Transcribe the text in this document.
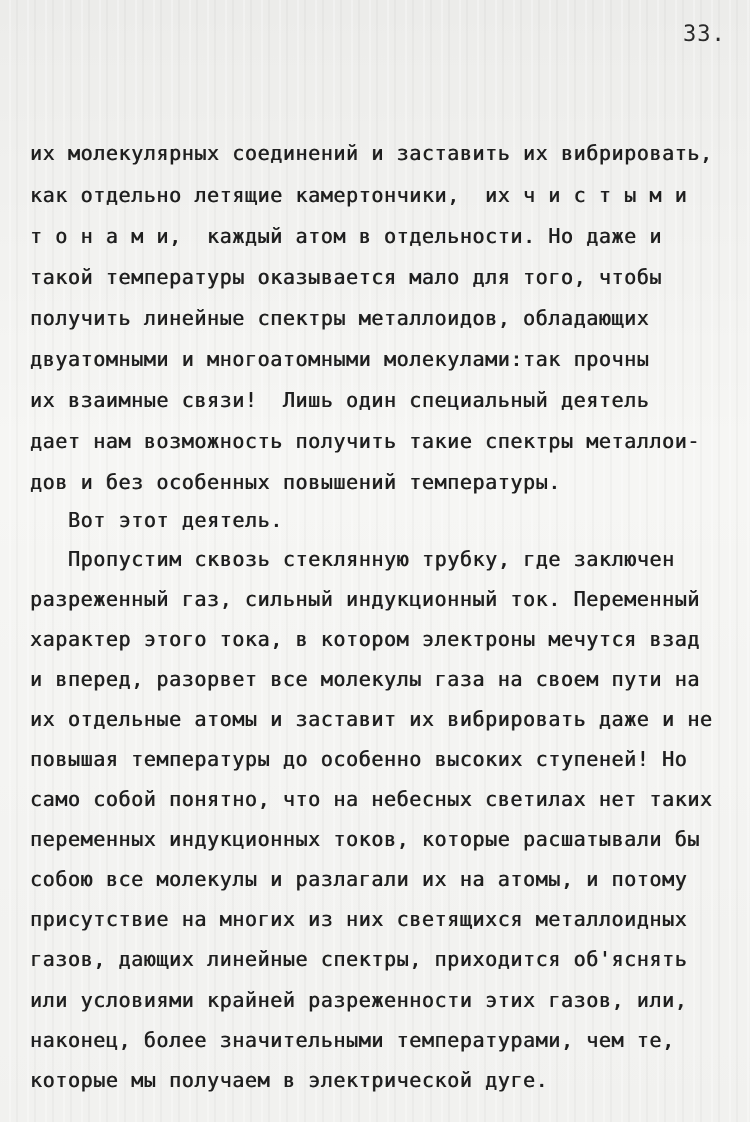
33.
их молекулярных соединений и заставить их вибрировать,
как отдельно летящие камертончики,  их ч и с т ы м и
т о н а м и,  каждый атом в отдельности. Но даже и
такой температуры оказывается мало для того, чтобы
получить линейные спектры металлоидов, обладающих
двуатомными и многоатомными молекулами:так прочны
их взаимные связи!  Лишь один специальный деятель
дает нам возможность получить такие спектры металлои-
дов и без особенных повышений температуры.
Вот этот деятель.
Пропустим сквозь стеклянную трубку, где заключен
разреженный газ, сильный индукционный ток. Переменный
характер этого тока, в котором электроны мечутся взад
и вперед, разорвет все молекулы газа на своем пути на
их отдельные атомы и заставит их вибрировать даже и не
повышая температуры до особенно высоких ступеней! Но
само собой понятно, что на небесных светилах нет таких
переменных индукционных токов, которые расшатывали бы
собою все молекулы и разлагали их на атомы, и потому
присутствие на многих из них светящихся металлоидных
газов, дающих линейные спектры, приходится об'яснять
или условиями крайней разреженности этих газов, или,
наконец, более значительными температурами, чем те,
которые мы получаем в электрической дуге.
